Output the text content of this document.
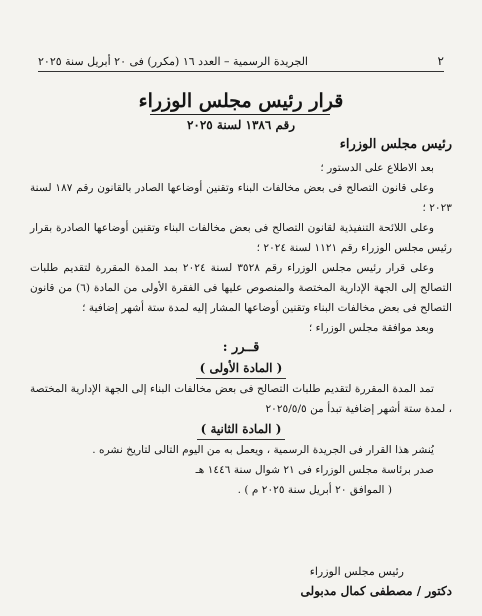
٢
الجريدة الرسمية – العدد ١٦ (مكرر) فى ٢٠ أبريل سنة ٢٠٢٥
قرار رئيس مجلس الوزراء
رقم ١٣٨٦ لسنة ٢٠٢٥
رئيس مجلس الوزراء

بعد الاطلاع على الدستور ؛

وعلى قانون التصالح فى بعض مخالفات البناء وتقنين أوضاعها الصادر بالقانون رقم ١٨٧ لسنة ٢٠٢٣ ؛

وعلى اللائحة التنفيذية لقانون التصالح فى بعض مخالفات البناء وتقنين أوضاعها الصادرة بقرار رئيس مجلس الوزراء رقم ١١٢١ لسنة ٢٠٢٤ ؛

وعلى قرار رئيس مجلس الوزراء رقم ٣٥٢٨ لسنة ٢٠٢٤ بمد المدة المقررة لتقديم طلبات التصالح إلى الجهة الإدارية المختصة والمنصوص عليها فى الفقرة الأولى من المادة (٦) من قانون التصالح فى بعض مخالفات البناء وتقنين أوضاعها المشار إليه لمدة ستة أشهر إضافية ؛

وبعد موافقة مجلس الوزراء ؛

قــرر :

( المادة الأولى )

تمد المدة المقررة لتقديم طلبات التصالح فى بعض مخالفات البناء إلى الجهة الإدارية المختصة ، لمدة ستة أشهر إضافية تبدأ من ٢٠٢٥/٥/٥

( المادة الثانية )

يُنشر هذا القرار فى الجريدة الرسمية ، ويعمل به من اليوم التالى لتاريخ نشره .

صدر برئاسة مجلس الوزراء فى ٢١ شوال سنة ١٤٤٦ هـ

( الموافق ٢٠ أبريل سنة ٢٠٢٥ م ) .

رئيس مجلس الوزراء
دكتور / مصطفى كمال مدبولى
